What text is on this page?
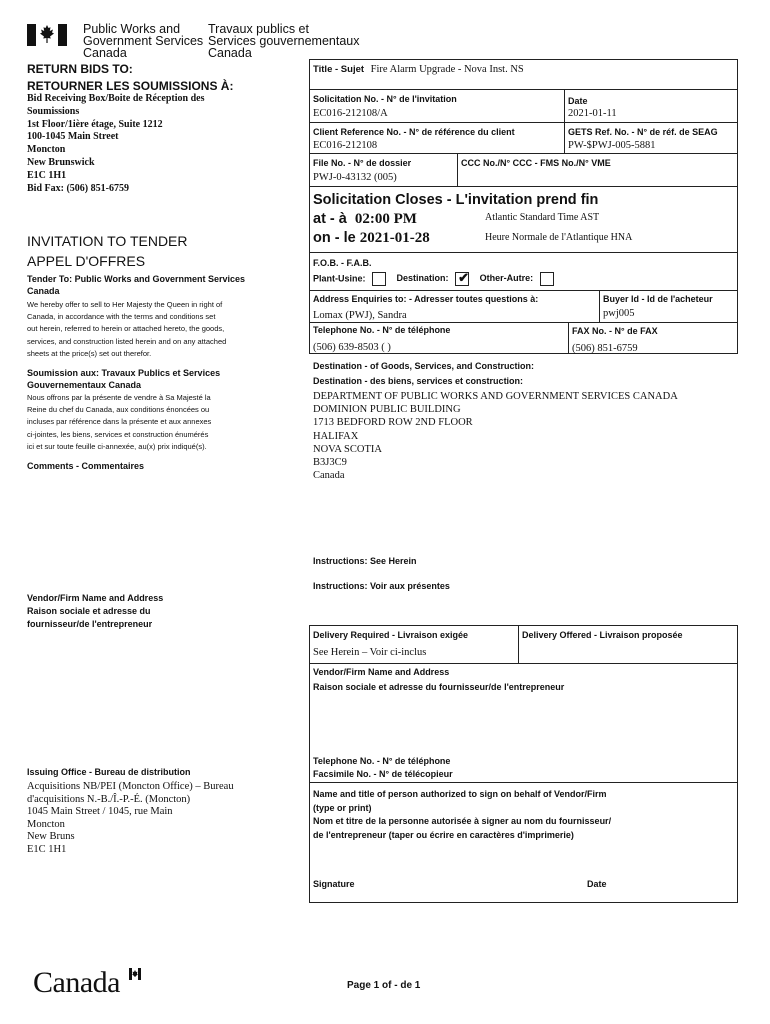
Public Works and
Government Services
Canada
Travaux publics et
Services gouvernementaux
Canada
RETURN BIDS TO:
RETOURNER LES SOUMISSIONS À:
Bid Receiving Box/Boite de Réception des
Soumissions
1st Floor/1ière étage, Suite 1212
100-1045 Main Street
Moncton
New Brunswick
E1C 1H1
Bid Fax: (506) 851-6759
INVITATION TO TENDER
APPEL D'OFFRES
Tender To: Public Works and Government Services Canada
We hereby offer to sell to Her Majesty the Queen in right of
Canada, in accordance with the terms and conditions set
out herein, referred to herein or attached hereto, the goods,
services, and construction listed herein and on any attached
sheets at the price(s) set out therefor.
Soumission aux: Travaux Publics et Services Gouvernementaux Canada
Nous offrons par la présente de vendre à Sa Majesté la
Reine du chef du Canada, aux conditions énoncées ou
incluses par référence dans la présente et aux annexes
ci-jointes, les biens, services et construction énumérés
ici et sur toute feuille ci-annexée, au(x) prix indiqué(s).
Comments - Commentaires
Vendor/Firm Name and Address
Raison sociale et adresse du
fournisseur/de l'entrepreneur
Issuing Office - Bureau de distribution
Acquisitions NB/PEI (Moncton Office) – Bureau
d'acquisitions N.-B./Î.-P.-É. (Moncton)
1045 Main Street / 1045, rue Main
Moncton
New Bruns
E1C 1H1
Title - Sujet Fire Alarm Upgrade - Nova Inst. NS
Solicitation No. - N° de l'invitation
EC016-212108/A
Date
2021-01-11
Client Reference No. - N° de référence du client
EC016-212108
GETS Ref. No. - N° de réf. de SEAG
PW-$PWJ-005-5881
File No. - N° de dossier
PWJ-0-43132 (005)
CCC No./N° CCC - FMS No./N° VME
Solicitation Closes - L'invitation prend fin
at - à 02:00 PM
on - le 2021-01-28
Atlantic Standard Time AST
Heure Normale de l'Atlantique HNA
F.O.B. - F.A.B.
Plant-Usine:	Destination: ✔ Other-Autre:
Address Enquiries to: - Adresser toutes questions à:
Lomax (PWJ), Sandra
Buyer Id - Id de l'acheteur
pwj005
Telephone No. - N° de téléphone
(506) 639-8503 ( )
FAX No. - N° de FAX
(506) 851-6759
Destination - of Goods, Services, and Construction:
Destination - des biens, services et construction:
DEPARTMENT OF PUBLIC WORKS AND GOVERNMENT SERVICES CANADA
DOMINION PUBLIC BUILDING
1713 BEDFORD ROW 2ND FLOOR
HALIFAX
NOVA SCOTIA
B3J3C9
Canada
Instructions: See Herein
Instructions: Voir aux présentes
Delivery Required - Livraison exigée
See Herein – Voir ci-inclus
Delivery Offered - Livraison proposée
Vendor/Firm Name and Address
Raison sociale et adresse du fournisseur/de l'entrepreneur
Telephone No. - N° de téléphone
Facsimile No. - N° de télécopieur
Name and title of person authorized to sign on behalf of Vendor/Firm
(type or print)
Nom et titre de la personne autorisée à signer au nom du fournisseur/
de l'entrepreneur (taper ou écrire en caractères d'imprimerie)
Signature	Date
Canada	Page 1 of - de 1
